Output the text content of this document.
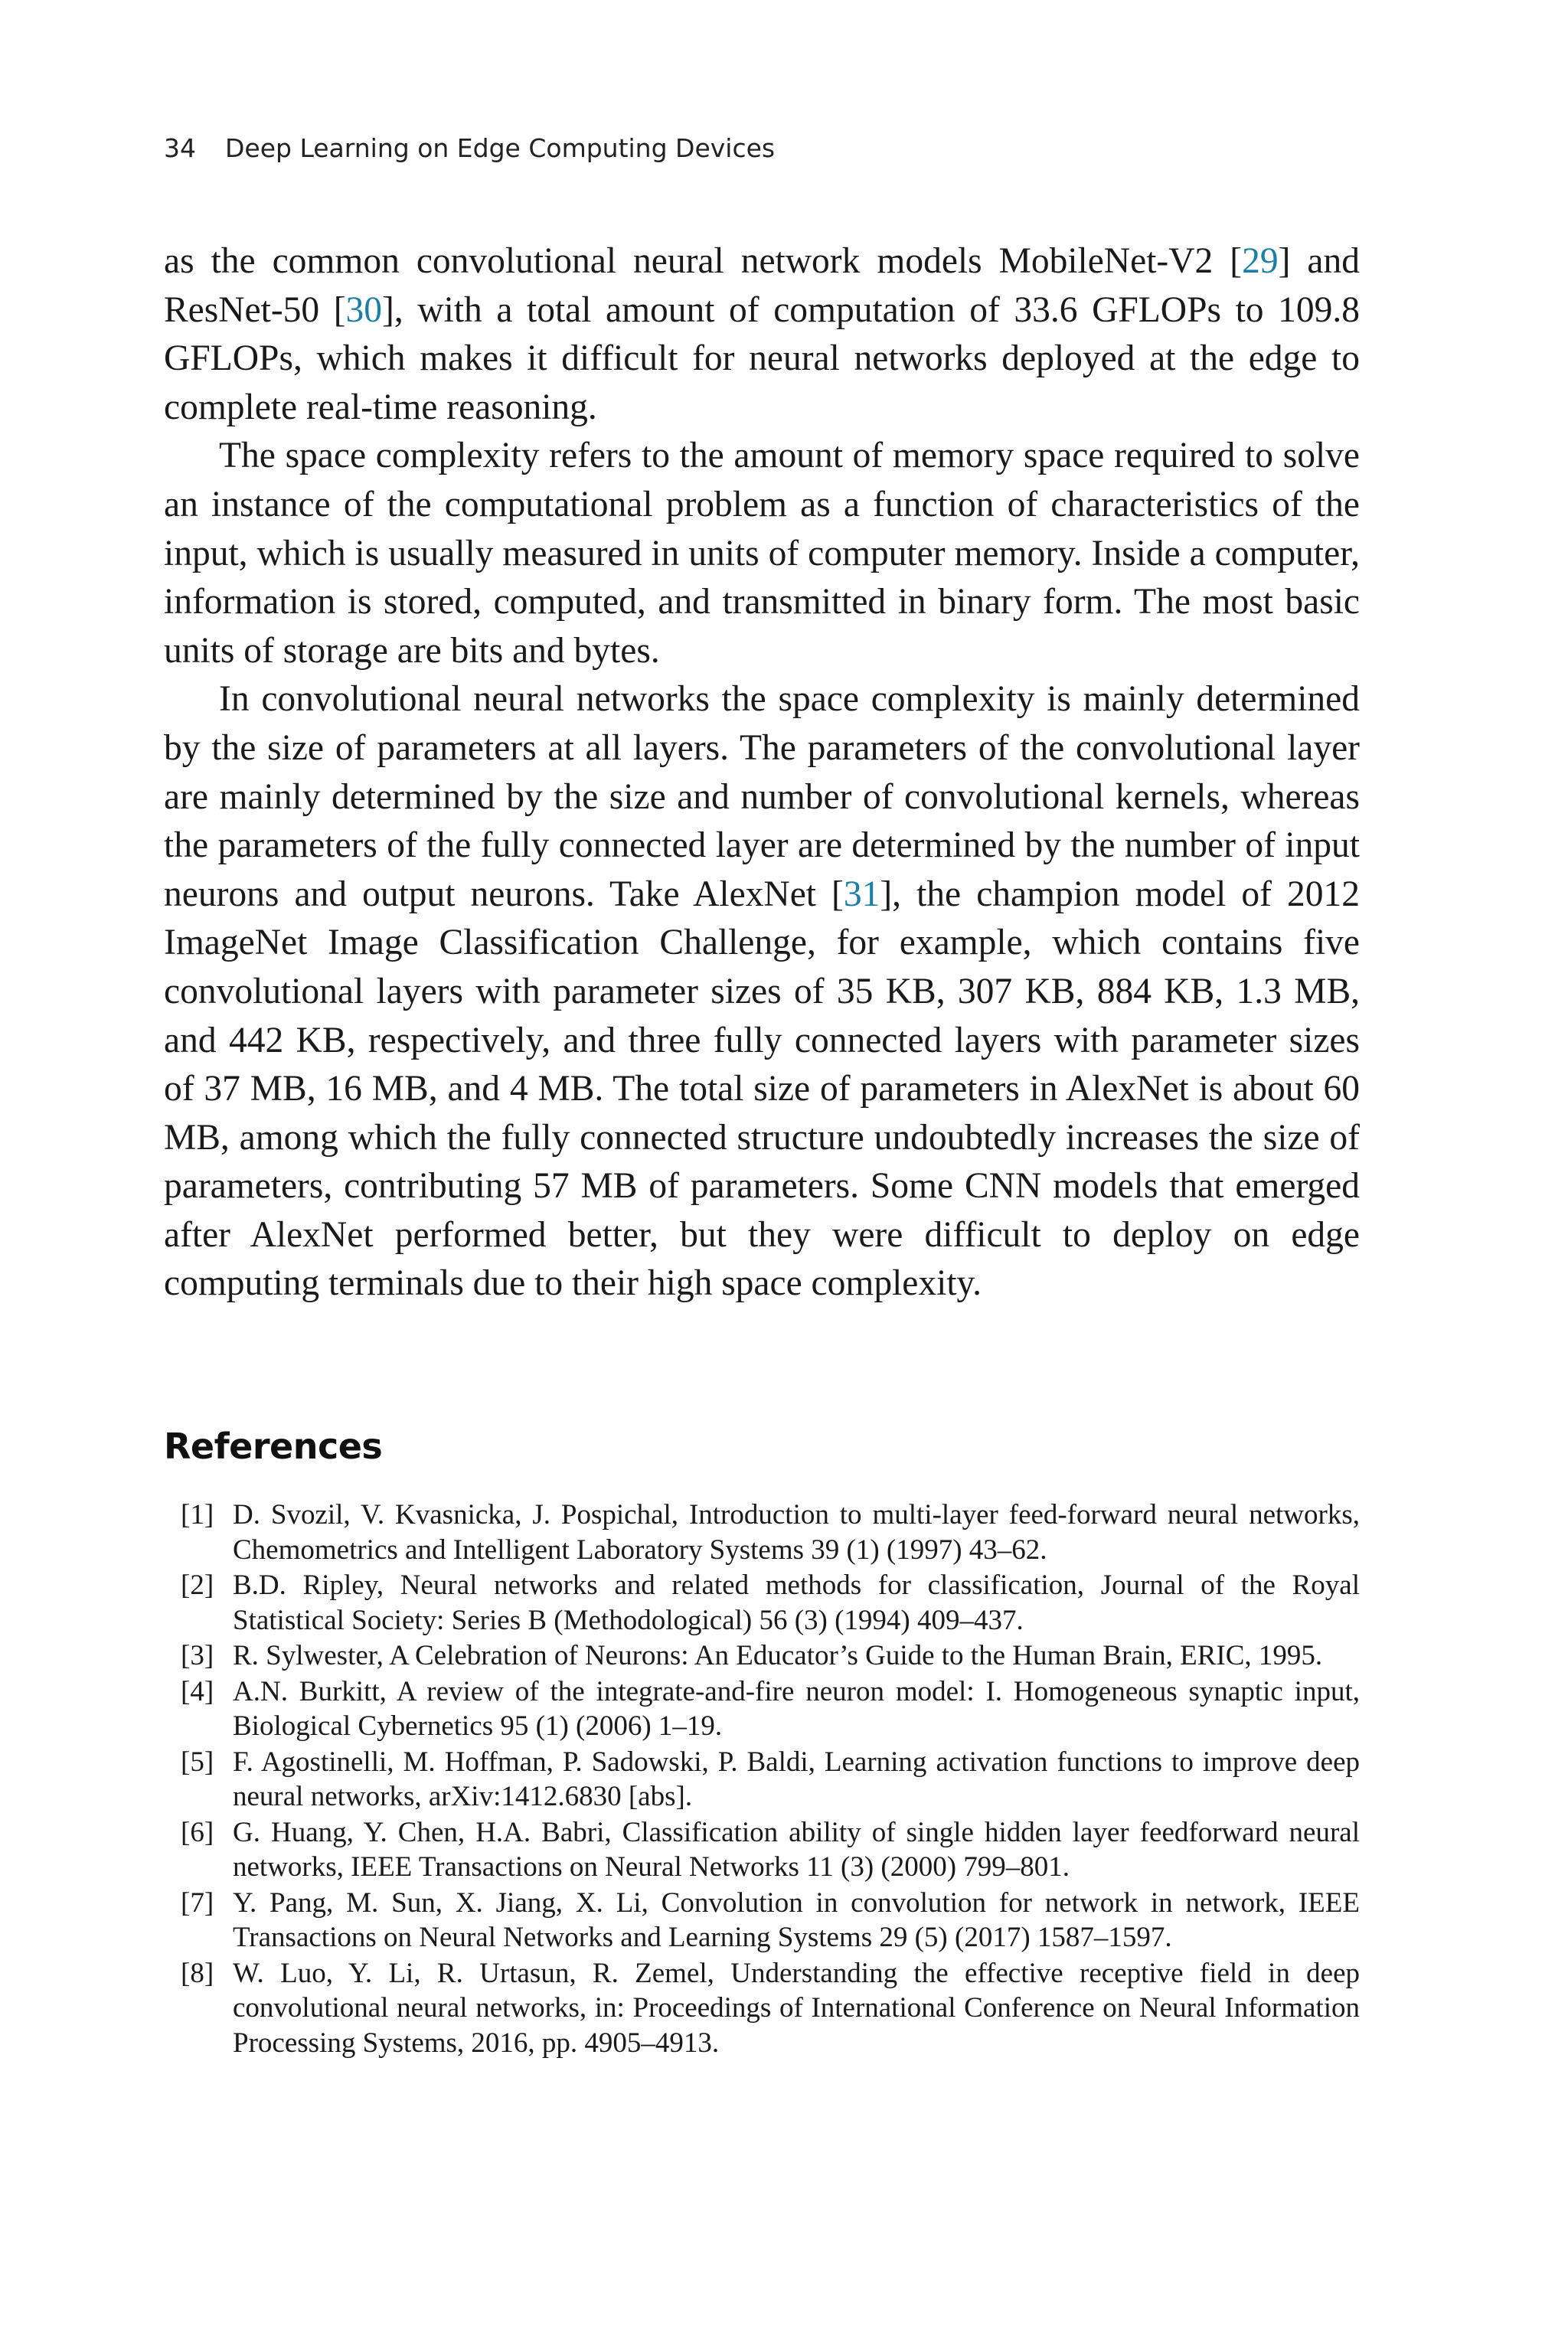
34 Deep Learning on Edge Computing Devices

as the common convolutional neural network models MobileNet-V2 [29] and ResNet-50 [30], with a total amount of computation of 33.6 GFLOPs to 109.8 GFLOPs, which makes it difficult for neural networks deployed at the edge to complete real-time reasoning.

The space complexity refers to the amount of memory space required to solve an instance of the computational problem as a function of characteristics of the input, which is usually measured in units of computer memory. Inside a computer, information is stored, computed, and transmitted in binary form. The most basic units of storage are bits and bytes.

In convolutional neural networks the space complexity is mainly determined by the size of parameters at all layers. The parameters of the convolutional layer are mainly determined by the size and number of convolutional kernels, whereas the parameters of the fully connected layer are determined by the number of input neurons and output neurons. Take AlexNet [31], the champion model of 2012 ImageNet Image Classification Challenge, for example, which contains five convolutional layers with parameter sizes of 35 KB, 307 KB, 884 KB, 1.3 MB, and 442 KB, respectively, and three fully connected layers with parameter sizes of 37 MB, 16 MB, and 4 MB. The total size of parameters in AlexNet is about 60 MB, among which the fully connected structure undoubtedly increases the size of parameters, contributing 57 MB of parameters. Some CNN models that emerged after AlexNet performed better, but they were difficult to deploy on edge computing terminals due to their high space complexity.

References
[1] D. Svozil, V. Kvasnicka, J. Pospichal, Introduction to multi-layer feed-forward neural networks, Chemometrics and Intelligent Laboratory Systems 39 (1) (1997) 43–62.
[2] B.D. Ripley, Neural networks and related methods for classification, Journal of the Royal Statistical Society: Series B (Methodological) 56 (3) (1994) 409–437.
[3] R. Sylwester, A Celebration of Neurons: An Educator’s Guide to the Human Brain, ERIC, 1995.
[4] A.N. Burkitt, A review of the integrate-and-fire neuron model: I. Homogeneous synaptic input, Biological Cybernetics 95 (1) (2006) 1–19.
[5] F. Agostinelli, M. Hoffman, P. Sadowski, P. Baldi, Learning activation functions to improve deep neural networks, arXiv:1412.6830 [abs].
[6] G. Huang, Y. Chen, H.A. Babri, Classification ability of single hidden layer feedforward neural networks, IEEE Transactions on Neural Networks 11 (3) (2000) 799–801.
[7] Y. Pang, M. Sun, X. Jiang, X. Li, Convolution in convolution for network in network, IEEE Transactions on Neural Networks and Learning Systems 29 (5) (2017) 1587–1597.
[8] W. Luo, Y. Li, R. Urtasun, R. Zemel, Understanding the effective receptive field in deep convolutional neural networks, in: Proceedings of International Conference on Neural Information Processing Systems, 2016, pp. 4905–4913.
